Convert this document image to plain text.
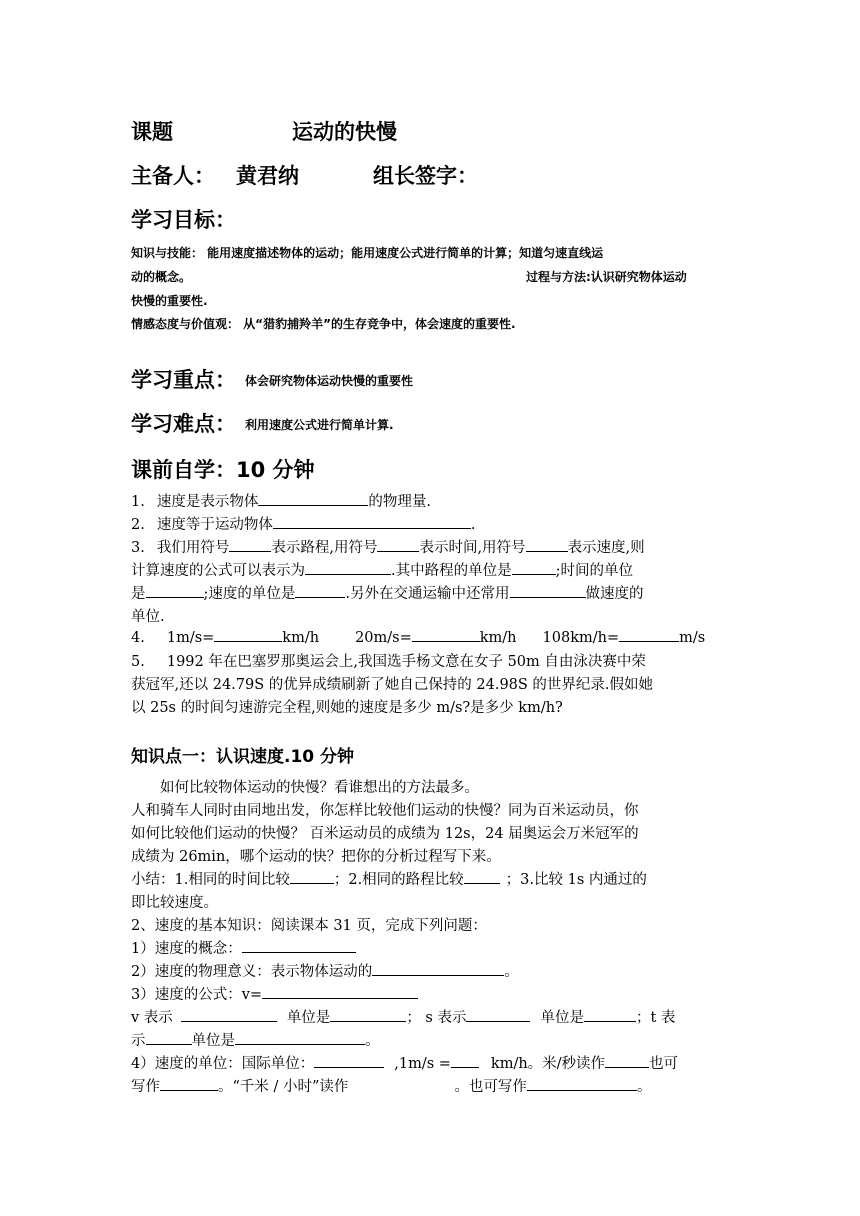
课题	运动的快慢
主备人： 黄君纳	组长签字：
学习目标：
知识与技能： 能用速度描述物体的运动；能用速度公式进行简单的计算；知道匀速直线运
动的概念。	过程与方法:认识研究物体运动
快慢的重要性.
情感态度与价值观： 从“猎豹捕羚羊”的生存竞争中，体会速度的重要性.
学习重点： 体会研究物体运动快慢的重要性
学习难点： 利用速度公式进行简单计算.
课前自学：10 分钟
1. 速度是表示物体	的物理量.
2. 速度等于运动物体	.
3. 我们用符号	表示路程,用符号	表示时间,用符号	表示速度,则
计算速度的公式可以表示为	.其中路程的单位是	;时间的单位
是	;速度的单位是	.另外在交通运输中还常用	做速度的
单位.
4. 1m/s=	km/h 20m/s=	km/h 108km/h=	m/s
5. 1992 年在巴塞罗那奥运会上,我国选手杨文意在女子 50m 自由泳决赛中荣
获冠军,还以 24.79S 的优异成绩刷新了她自己保持的 24.98S 的世界纪录.假如她
以 25s 的时间匀速游完全程,则她的速度是多少 m/s?是多少 km/h?
知识点一：认识速度.10 分钟
如何比较物体运动的快慢？看谁想出的方法最多。
人和骑车人同时由同地出发，你怎样比较他们运动的快慢？同为百米运动员，你
如何比较他们运动的快慢？ 百米运动员的成绩为 12s，24 届奥运会万米冠军的
成绩为 26min，哪个运动的快？把你的分析过程写下来。
小结：1.相同的时间比较	；2.相同的路程比较	；3.比较 1s 内通过的
即比较速度。
2、速度的基本知识：阅读课本 31 页，完成下列问题：
1）速度的概念：
2）速度的物理意义：表示物体运动的	。
3）速度的公式：v=
v 表示	单位是	； s 表示	单位是	；t 表
示	单位是	。
4）速度的单位：国际单位：	,1m/s =	km/h。米/秒读作	也可
写作	。“千米 / 小时”读作	。也可写作	。
